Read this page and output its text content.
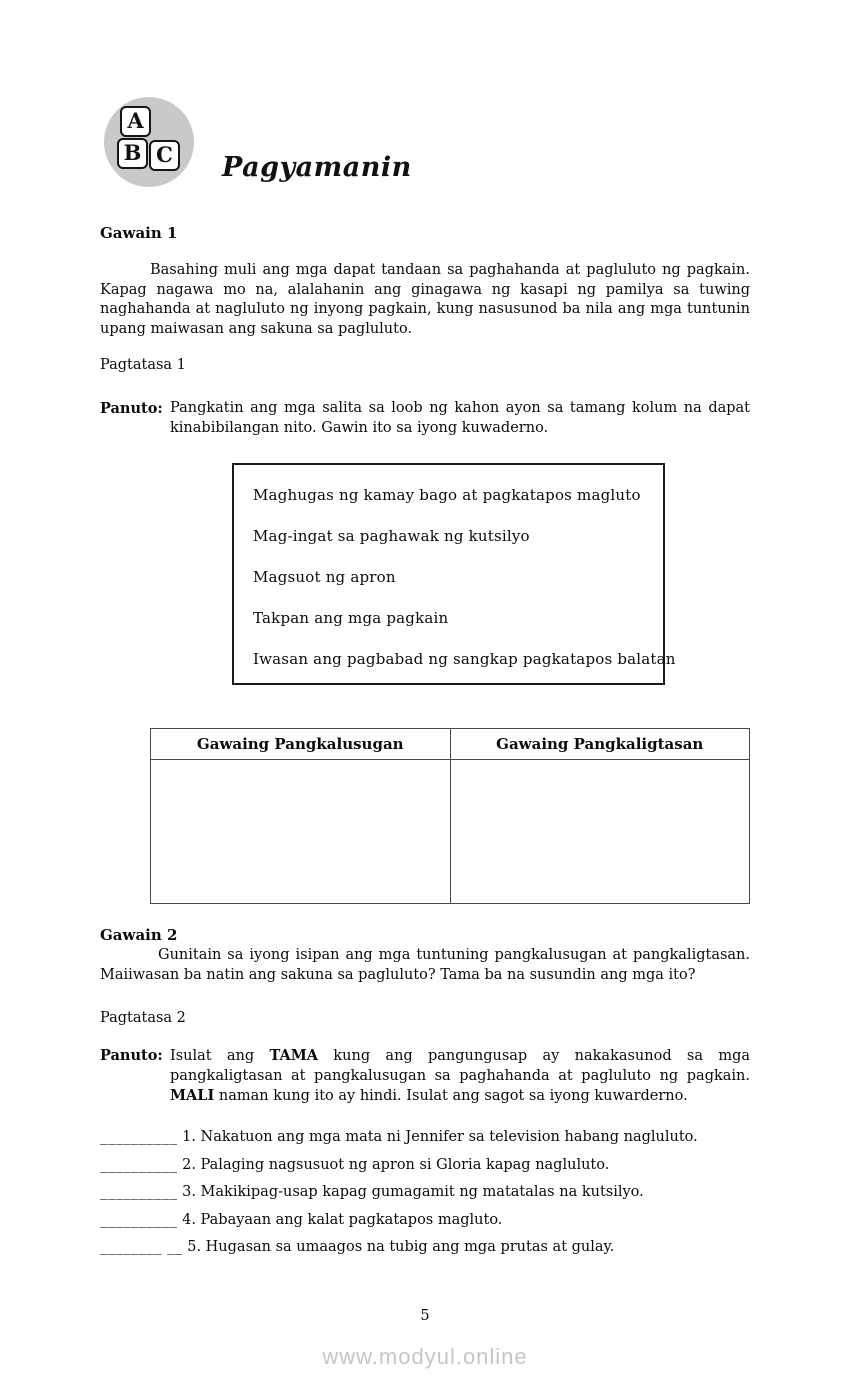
A
B C Pagyamanin
Gawain 1

Basahing muli ang mga dapat tandaan sa paghahanda at pagluluto ng pagkain. Kapag nagawa mo na, alalahanin ang ginagawa ng kasapi ng pamilya sa tuwing naghahanda at nagluluto ng inyong pagkain, kung nasusunod ba nila ang mga tuntunin upang maiwasan ang sakuna sa pagluluto.

Pagtatasa 1
Panuto: Pangkatin ang mga salita sa loob ng kahon ayon sa tamang kolum na dapat kinabibilangan nito. Gawin ito sa iyong kuwaderno.
Maghugas ng kamay bago at pagkatapos magluto
Mag-ingat sa paghawak ng kutsilyo
Magsuot ng apron
Takpan ang mga pagkain
Iwasan ang pagbabad ng sangkap pagkatapos balatan
Gawaing Pangkalusugan	Gawaing Pangkaligtasan

Gawain 2

Gunitain sa iyong isipan ang mga tuntuning pangkalusugan at pangkaligtasan. Maiiwasan ba natin ang sakuna sa pagluluto? Tama ba na susundin ang mga ito?

Pagtatasa 2
Panuto: Isulat ang TAMA kung ang pangungusap ay nakakasunod sa mga pangkaligtasan at pangkalusugan sa paghahanda at pagluluto ng pagkain. MALI naman kung ito ay hindi. Isulat ang sagot sa iyong kuwarderno.
__________ 1. Nakatuon ang mga mata ni Jennifer sa television habang nagluluto.
__________ 2. Palaging nagsusuot ng apron si Gloria kapag nagluluto.
__________ 3. Makikipag-usap kapag gumagamit ng matatalas na kutsilyo.
__________ 4. Pabayaan ang kalat pagkatapos magluto.
________ __ 5. Hugasan sa umaagos na tubig ang mga prutas at gulay.
5
www.modyul.online
